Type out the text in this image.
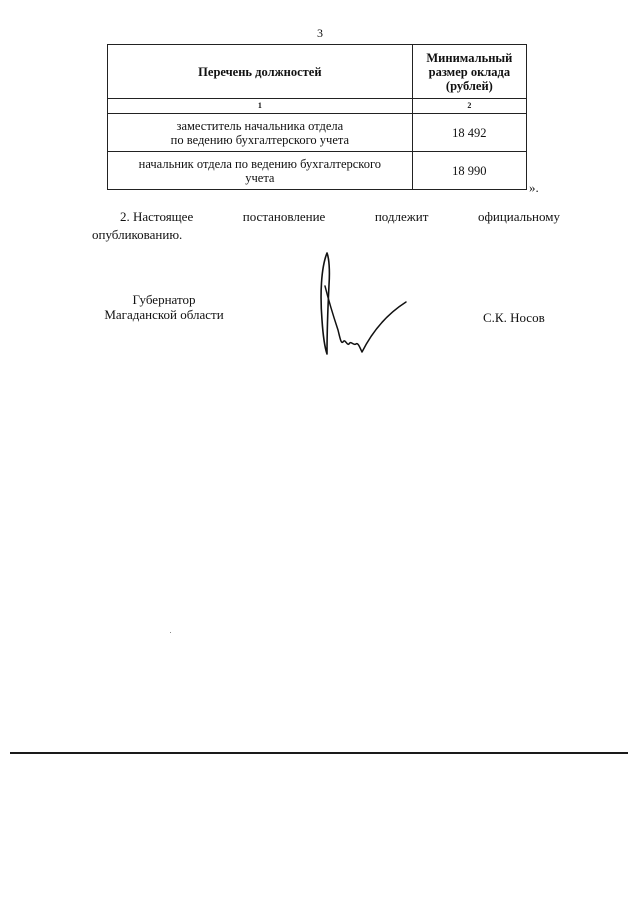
3
Перечень должностей	Минимальный
размер оклада
(рублей)
1	2
заместитель начальника отдела
по ведению бухгалтерского учета	18 492
начальник отдела по ведению бухгалтерского
учета	18 990
».
2. Настоящее	постановление	подлежит	официальному
опубликованию.
Губернатор
Магаданской области	С.К. Носов
